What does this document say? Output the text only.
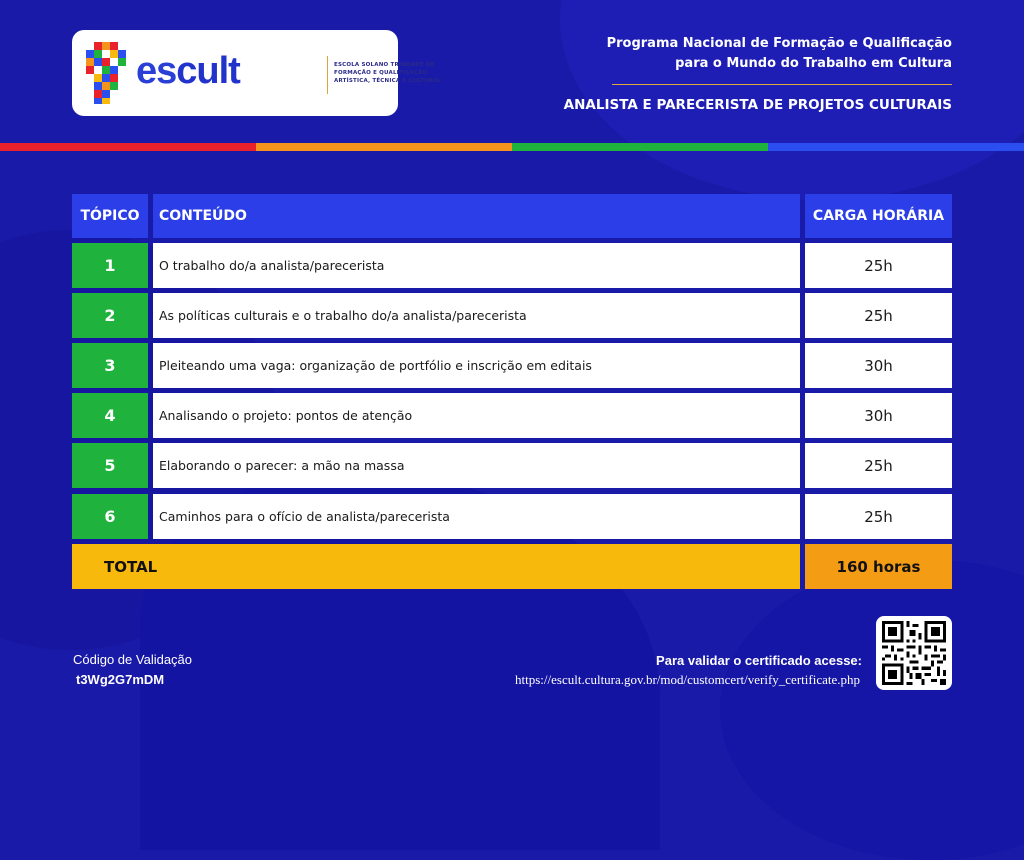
escult	ESCOLA SOLANO TRINDADE DE
FORMAÇÃO E QUALIFICAÇÃO
ARTÍSTICA, TÉCNICA E CULTURAL
Programa Nacional de Formação e Qualificação
para o Mundo do Trabalho em Cultura
ANALISTA E PARECERISTA DE PROJETOS CULTURAIS
TÓPICO	CONTEÚDO	CARGA HORÁRIA
1	O trabalho do/a analista/parecerista	25h
2	As políticas culturais e o trabalho do/a analista/parecerista	25h
3	Pleiteando uma vaga: organização de portfólio e inscrição em editais	30h
4	Analisando o projeto: pontos de atenção	30h
5	Elaborando o parecer: a mão na massa	25h
6	Caminhos para o ofício de analista/parecerista	25h
TOTAL	160 horas
Código de Validação
t3Wg2G7mDM
Para validar o certificado acesse:
https://escult.cultura.gov.br/mod/customcert/verify_certificate.php
